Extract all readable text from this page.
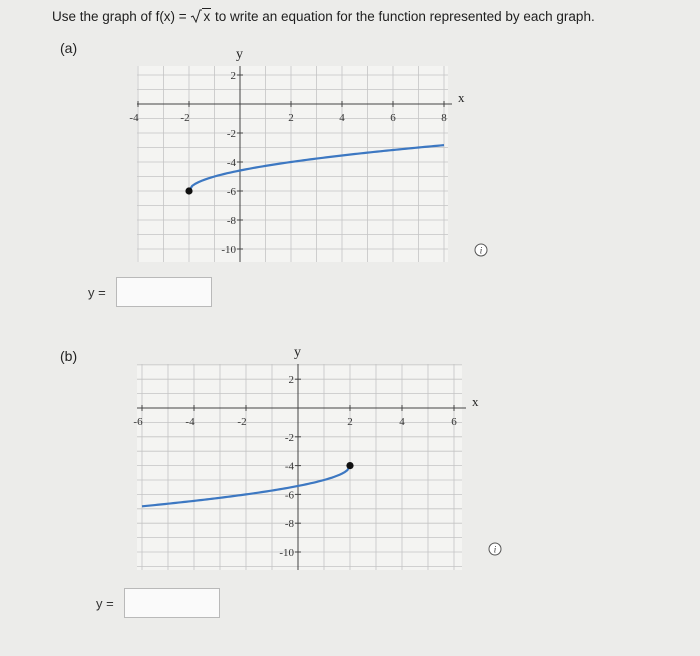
Use the graph of f(x) = x to write an equation for the function represented by each graph.
(a)
x
y
-4	-2	2	4	6	8
2
-2
-4
-6
-8
-10	i
y =
(b)
x
y
-6	-4	-2	2	4	6
2
-2
-4
-6
-8
-10	i
y =
